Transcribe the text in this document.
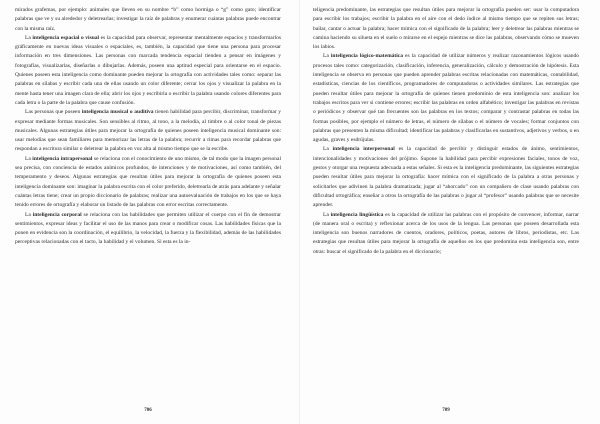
mirados grafemas, por ejemplo: animales que lleven en su nombre “b” como hormiga o “g” como gato; identificar palabras que ve y su alrededor y deletrearlas; investigar la raíz de palabras y enumerar cuántas palabras puede encontrar con la misma raíz.

La inteligencia espacial o visual es la capacidad para observar, representar mentalmente espacios y transformarlos gráficamente en nuevas ideas visuales o espaciales, es, también, la capacidad que tiene una persona para procesar información en tres dimensiones. Las personas con marcada tendencia espacial tienden a pensar en imágenes y fotografías, visualizarlas, diseñarlas o dibujarlas. Además, poseen una aptitud especial para orientarse en el espacio. Quienes poseen esta inteligencia como dominante pueden mejorar la ortografía con actividades tales como: separar las palabras en sílabas y escribir cada una de ellas usando un color diferente; cerrar los ojos y visualizar la palabra en la mente hasta tener una imagen clara de ella; abrir los ojos y escribirla o escribir la palabra usando colores diferentes para cada letra o la parte de la palabra que cause confusión.

Las personas que poseen inteligencia musical o auditiva tienen habilidad para percibir, discriminar, transformar y expresar mediante formas musicales. Son sensibles al ritmo, al tono, a la melodía, al timbre o al color tonal de piezas musicales. Algunas estrategias útiles para mejorar la ortografía de quienes poseen inteligencia musical dominante son: usar melodías que sean familiares para memorizar las letras de la palabra; recurrir a rimas para recordar palabras que respondan a escritura similar o deletrear la palabra en voz alta al mismo tiempo que se la escribe.

La inteligencia intrapersonal se relaciona con el conocimiento de uno mismo, de tal modo que la imagen personal sea precisa, con conciencia de estados anímicos profundos, de intenciones y de motivaciones, así como también, del temperamento y deseos. Algunas estrategias que resultan útiles para mejorar la ortografía de quienes poseen esta inteligencia dominante son: imaginar la palabra escrita con el color preferido, deletrearla de atrás para adelante y señalar cuántas letras tiene; crear un propio diccionario de palabras; realizar una autoevaluación de trabajos en los que se haya tenido errores de ortografía y elaborar un listado de las palabras con error escritas correctamente.

La inteligencia corporal se relaciona con las habilidades que permiten utilizar el cuerpo con el fin de demostrar sentimientos, expresar ideas y facilitar el uso de las manos para crear o modificar cosas. Las habilidades físicas que la ponen en evidencia son la coordinación, el equilibrio, la velocidad, la fuerza y la flexibilidad, además de las habilidades perceptivas relacionadas con el tacto, la habilidad y el volumen. Si esta es la in-

706

teligencia predominante, las estrategias que resultan útiles para mejorar la ortografía pueden ser: usar la computadora para escribir los trabajos; escribir la palabra en el aire con el dedo índice al mismo tiempo que se repiten sus letras; bailar, cantar o actuar la palabra; hacer mímica con el significado de la palabra; leer y deletrear las palabras mientras se camina haciendo su silueta en el suelo o mirarse en el espejo mientras se dice las palabras, observando cómo se mueven los labios.

La inteligencia lógico-matemática es la capacidad de utilizar números y realizar razonamientos lógicos usando procesos tales como: categorización, clasificación, inferencia, generalización, cálculo y demostración de hipótesis. Esta inteligencia se observa en personas que pueden aprender palabras escritas relacionadas con matemáticas, contabilidad, estadísticas, ciencias de los científicos, programadores de computadoras o actividades similares. Las estrategias que pueden resultar útiles para mejorar la ortografía de quienes tienen predominio de esta inteligencia son: analizar los trabajos escritos para ver si contiene errores; escribir las palabras en orden alfabético; investigar las palabras en revistas o periódicos y observar qué tan frecuentes son las palabras en los textos; comparar y contrastar palabras en todas las formas posibles, por ejemplo el número de letras, el número de sílabas o el número de vocales; formar conjuntos con palabras que presenten la misma dificultad; identificar las palabras y clasificarlas en sustantivos, adjetivos y verbos, o en agudas, graves y esdrújulas.

La inteligencia interpersonal es la capacidad de percibir y distinguir estados de ánimo, sentimientos, intencionalidades y motivaciones del prójimo. Supone la habilidad para percibir expresiones faciales, tonos de voz, gestos y otorgar una respuesta adecuada a estas señales. Si esta es la inteligencia predominante, las siguientes estrategias pueden resultar útiles para mejorar la ortografía: hacer mímica con el significado de la palabra a otras personas y solicitarles que adivinen la palabra dramatizada; jugar al “ahorcado” con un compañero de clase usando palabras con dificultad ortográfica; enseñar a otros la ortografía de las palabras o jugar al “profesor” usando palabras que se necesite aprender.

La inteligencia lingüística es la capacidad de utilizar las palabras con el propósito de convencer, informar, narrar (de manera oral o escrita) y reflexionar acerca de los usos de la lengua. Las personas que poseen desarrollada esta inteligencia son buenos narradores de cuentos, oradores, políticos, poetas, autores de libros, periodistas, etc. Las estrategias que resultan útiles para mejorar la ortografía de aquellos en los que predomina esta inteligencia son, entre otras: buscar el significado de la palabra en el diccionario;

709
